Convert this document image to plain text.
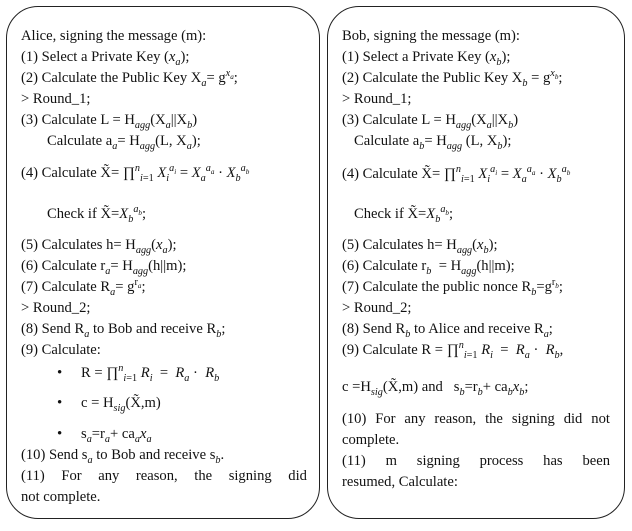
Alice, signing the message (m):
(1) Select a Private Key $(x_a)$;
(2) Calculate the Public Key $X_a= g^{x_a}$;
> Round_1;
(3) Calculate $L = H_{agg}(X_a||X_b)$
Calculate $a_a= H_{agg}(L$, $X_a$);
(4) Calculate X̃= ∏$^n_{i=1}$ $X_i^{a_i} = X_a^{a_a} \cdot X_b^{a_b}$
Check if $X̃=X_b^{a_b}$;
(5) Calculates $h= H_{agg}(x_a)$;
(6) Calculate $r_a= H_{agg}(h||m)$;
(7) Calculate $R_a= g^{r_a}$;
> Round_2;
(8) Send $R_a$ to Bob and receive $R_b$;
(9) Calculate:
• R = ∏$^n_{i=1}$ $R_i = R_a \cdot R_b$
• $c = H_{sig}(X̃,m)$
• $s_a=r_a+ ca_ax_a$
(10) Send $s_a$ to Bob and receive $s_b$.
(11) For any reason, the signing did
not complete.
Bob, signing the message (m):
(1) Select a Private Key $(x_b)$;
(2) Calculate the Public Key $X_b = g^{x_b}$;
> Round_1;
(3) Calculate $L = H_{agg}(X_a||X_b)$
Calculate $a_b= H_{agg}$ (L, $X_b$);
(4) Calculate X̃= ∏$^n_{i=1}$ $X_i^{a_i} = X_a^{a_a} \cdot X_b^{a_b}$
Check if $X̃=X_b^{a_b}$;
(5) Calculates $h= H_{agg}(x_b)$;
(6) Calculate $r_b = H_{agg}(h||m)$;
(7) Calculate the public nonce $R_b=g^{r_b}$;
> Round_2;
(8) Send $R_b$ to Alice and receive $R_a$;
(9) Calculate R = ∏$^n_{i=1}$ $R_i = R_a \cdot R_b$,
$c =H_{sig}(X̃,m)$ and   $s_b=r_b+ ca_bx_b$;
(10) For any reason, the signing did not
complete.
(11) m signing process has been
resumed, Calculate:
